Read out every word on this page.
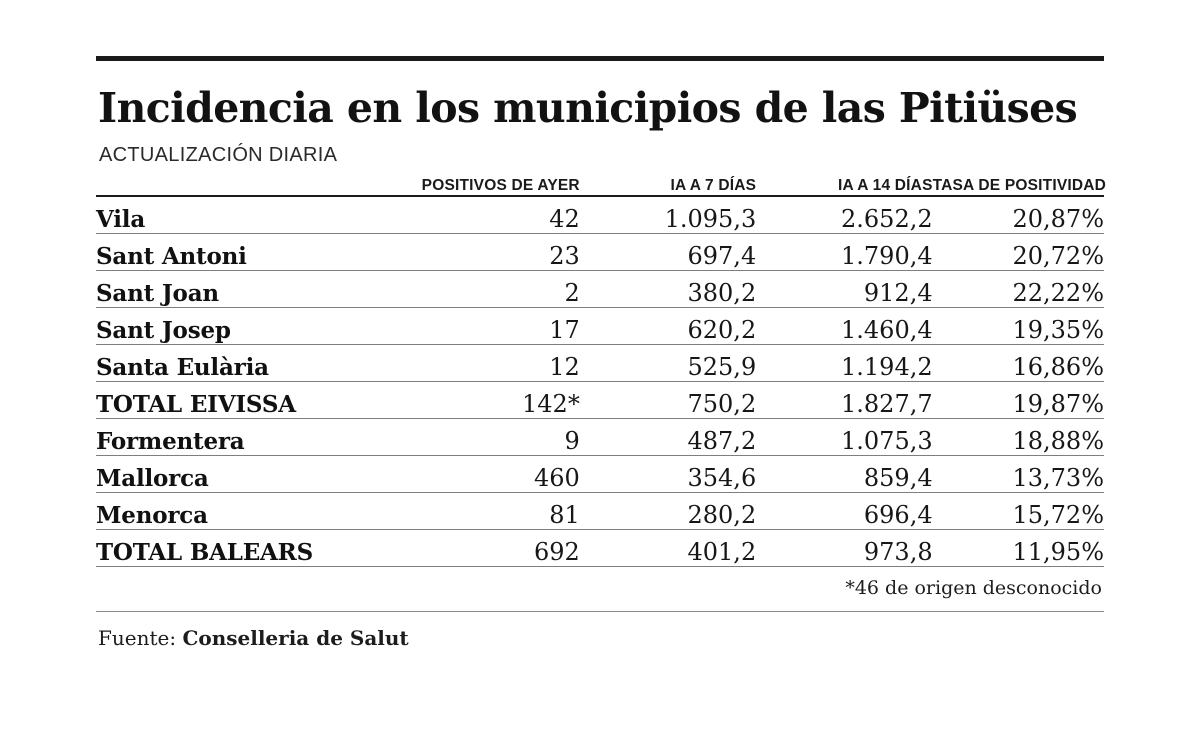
Incidencia en los municipios de las Pitiüses
ACTUALIZACIÓN DIARIA
	POSITIVOS DE AYER	IA A 7 DÍAS	IA A 14 DÍAS	TASA DE POSITIVIDAD
Vila	42	1.095,3	2.652,2	20,87%
Sant Antoni	23	697,4	1.790,4	20,72%
Sant Joan	2	380,2	912,4	22,22%
Sant Josep	17	620,2	1.460,4	19,35%
Santa Eulària	12	525,9	1.194,2	16,86%
TOTAL EIVISSA	142*	750,2	1.827,7	19,87%
Formentera	9	487,2	1.075,3	18,88%
Mallorca	460	354,6	859,4	13,73%
Menorca	81	280,2	696,4	15,72%
TOTAL BALEARS	692	401,2	973,8	11,95%
*46 de origen desconocido
Fuente: Conselleria de Salut
